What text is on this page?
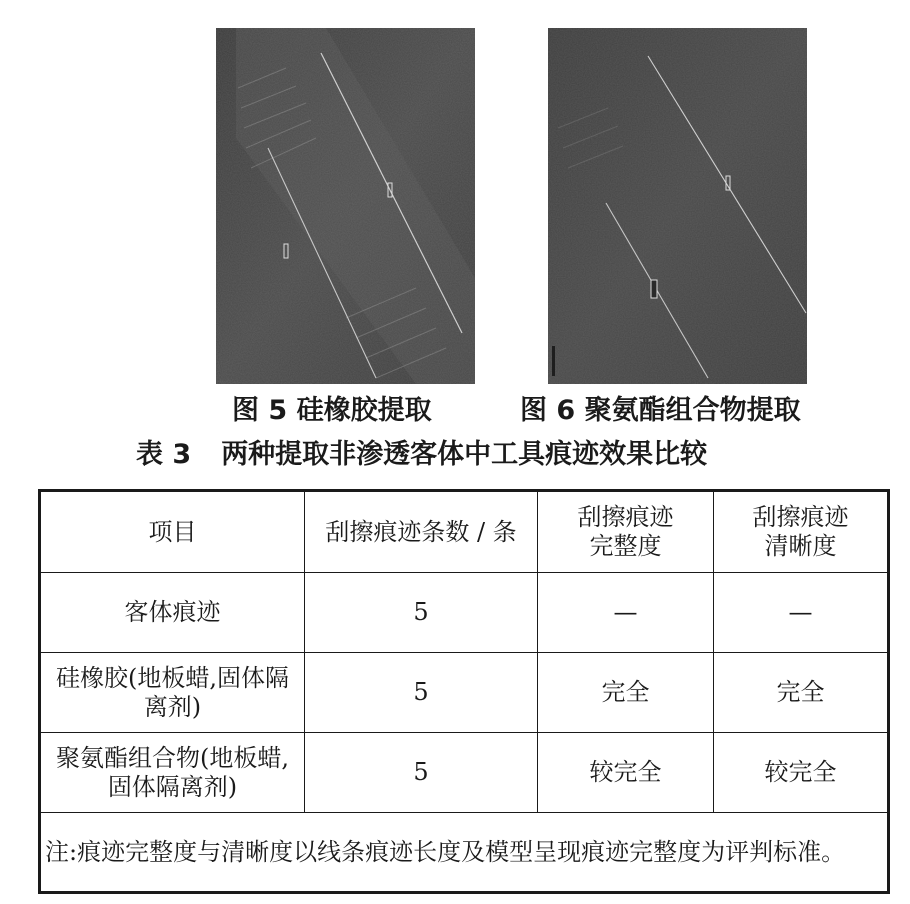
图 5 硅橡胶提取	图 6 聚氨酯组合物提取
表 3 两种提取非渗透客体中工具痕迹效果比较
项目	刮擦痕迹条数 / 条	刮擦痕迹完整度	刮擦痕迹清晰度
客体痕迹	5	—	—
硅橡胶(地板蜡,固体隔离剂)	5	完全	完全
聚氨酯组合物(地板蜡,固体隔离剂)	5	较完全	较完全

注:痕迹完整度与清晰度以线条痕迹长度及模型呈现痕迹完整度为评判标准。			
